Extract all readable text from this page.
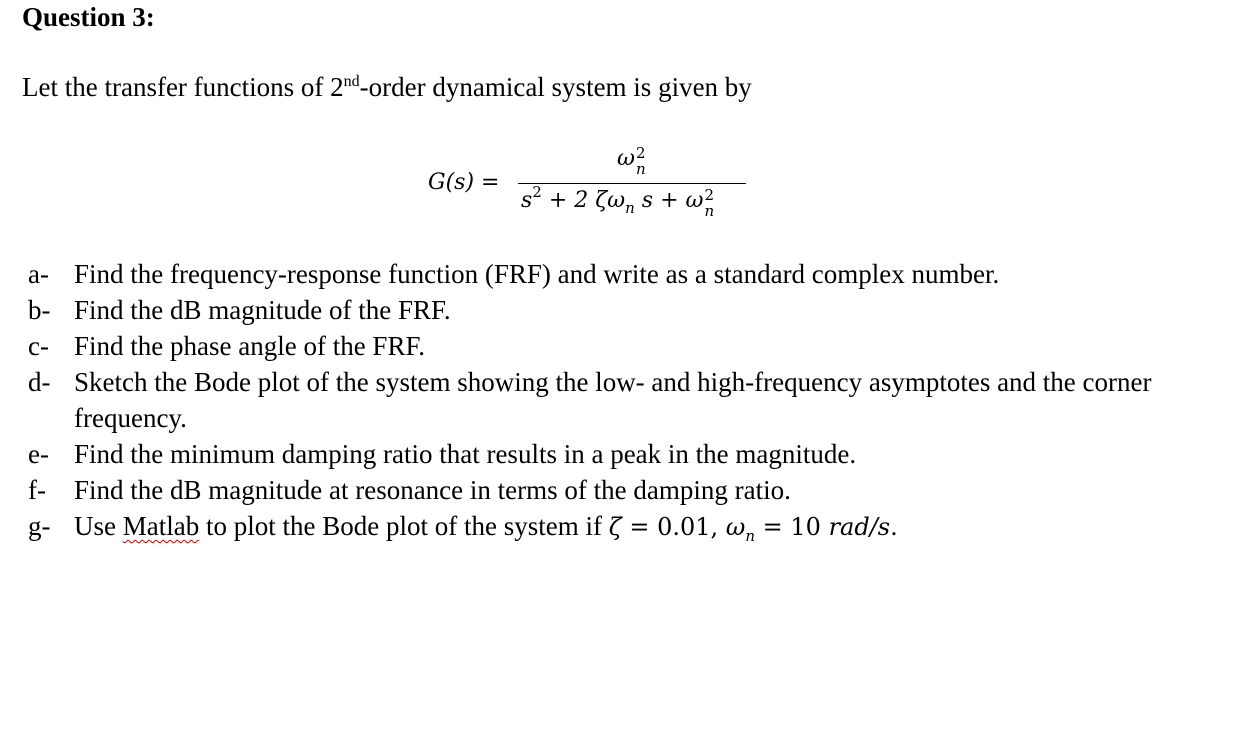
Question 3:
Let the transfer functions of 2nd-order dynamical system is given by
G(s) =
ω 2
n
$s^2 + 2$ $\zeta\omega_n$ s + ω 2
n
a- Find the frequency-response function (FRF) and write as a standard complex number.
b- Find the dB magnitude of the FRF.
c- Find the phase angle of the FRF.
d- Sketch the Bode plot of the system showing the low- and high-frequency asymptotes and the corner frequency.
e- Find the minimum damping ratio that results in a peak in the magnitude.
f- Find the dB magnitude at resonance in terms of the damping ratio.
g- Use Matlab to plot the Bode plot of the system if ζ = 0.01, $\omega_n = 10$ rad/s.
